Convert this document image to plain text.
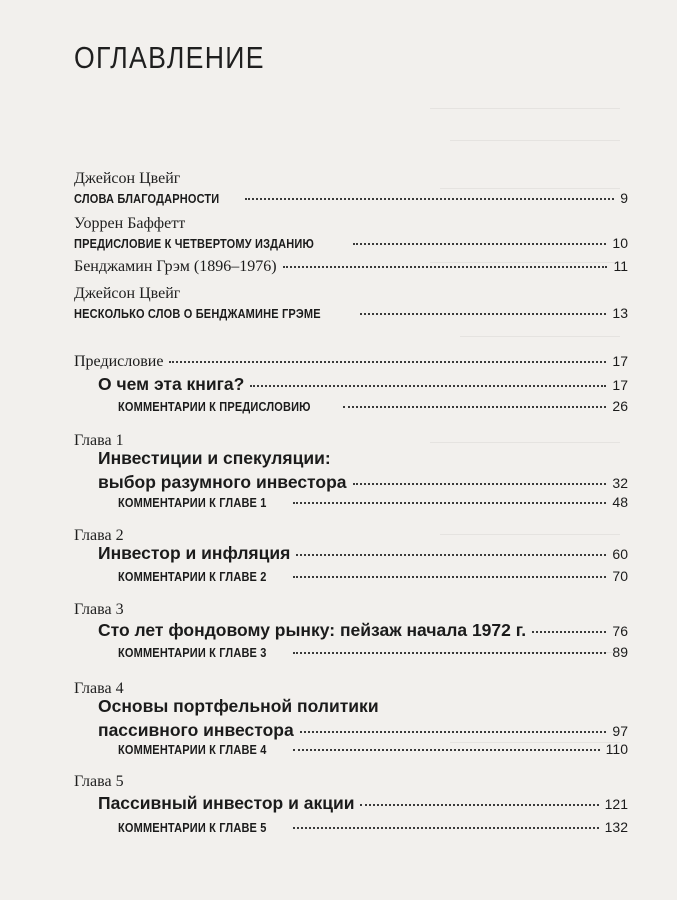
ОГЛАВЛЕНИЕ
Джейсон Цвейг
СЛОВА БЛАГОДАРНОСТИ	9
Уоррен Баффетт
ПРЕДИСЛОВИЕ К ЧЕТВЕРТОМУ ИЗДАНИЮ	10
Бенджамин Грэм (1896–1976)	11
Джейсон Цвейг
НЕСКОЛЬКО СЛОВ О БЕНДЖАМИНЕ ГРЭМЕ	13
Предисловие	17
О чем эта книга?	17
КОММЕНТАРИИ К ПРЕДИСЛОВИЮ	26
Глава 1
Инвестиции и спекуляции:
выбор разумного инвестора	32
КОММЕНТАРИИ К ГЛАВЕ 1	48
Глава 2
Инвестор и инфляция	60
КОММЕНТАРИИ К ГЛАВЕ 2	70
Глава 3
Сто лет фондовому рынку: пейзаж начала 1972 г.	76
КОММЕНТАРИИ К ГЛАВЕ 3	89
Глава 4
Основы портфельной политики
пассивного инвестора	97
КОММЕНТАРИИ К ГЛАВЕ 4	110
Глава 5
Пассивный инвестор и акции	121
КОММЕНТАРИИ К ГЛАВЕ 5	132
